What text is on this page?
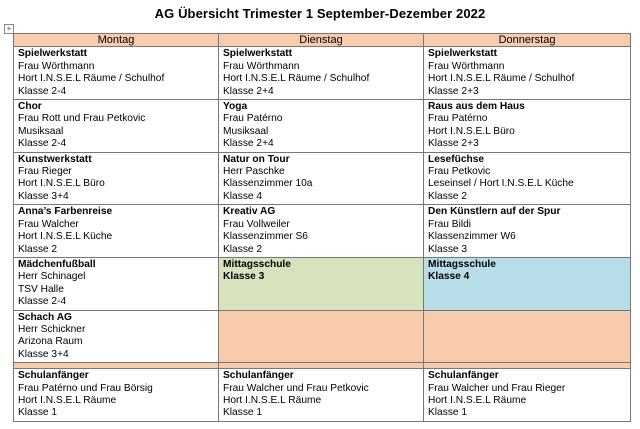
AG Übersicht Trimester 1 September-Dezember 2022
+
Montag	Dienstag	Donnerstag

Spielwerkstatt
Frau Wörthmann
Hort I.N.S.E.L Räume / Schulhof
Klasse 2-4	Spielwerkstatt
Frau Wörthmann
Hort I.N.S.E.L Räume / Schulhof
Klasse 2+4	Spielwerkstatt
Frau Wörthmann
Hort I.N.S.E.L Räume / Schulhof
Klasse 2+3

Chor
Frau Rott und Frau Petkovic
Musiksaal
Klasse 2-4	Yoga
Frau Patérno
Musiksaal
Klasse 2+4	Raus aus dem Haus
Frau Patérno
Hort I.N.S.E.L Büro
Klasse 2+3

Kunstwerkstatt
Frau Rieger
Hort I.N.S.E.L Büro
Klasse 3+4	Natur on Tour
Herr Paschke
Klassenzimmer 10a
Klasse 4	Lesefüchse
Frau Petkovic
Leseinsel / Hort I.N.S.E.L Küche
Klasse 2

Anna’s Farbenreise
Frau Walcher
Hort I.N.S.E.L Küche
Klasse 2	Kreativ AG
Frau Vollweiler
Klassenzimmer S6
Klasse 2	Den Künstlern auf der Spur
Frau Bildi
Klassenzimmer W6
Klasse 3

Mädchenfußball
Herr Schinagel
TSV Halle
Klasse 2-4	Mittagsschule
Klasse 3	Mittagsschule
Klasse 4

Schach AG
Herr Schickner
Arizona Raum
Klasse 3+4		

Schulanfänger
Frau Patérno und Frau Börsig
Hort I.N.S.E.L Räume
Klasse 1	Schulanfänger
Frau Walcher und Frau Petkovic
Hort I.N.S.E.L Räume
Klasse 1	Schulanfänger
Frau Walcher und Frau Rieger
Hort I.N.S.E.L Räume
Klasse 1
